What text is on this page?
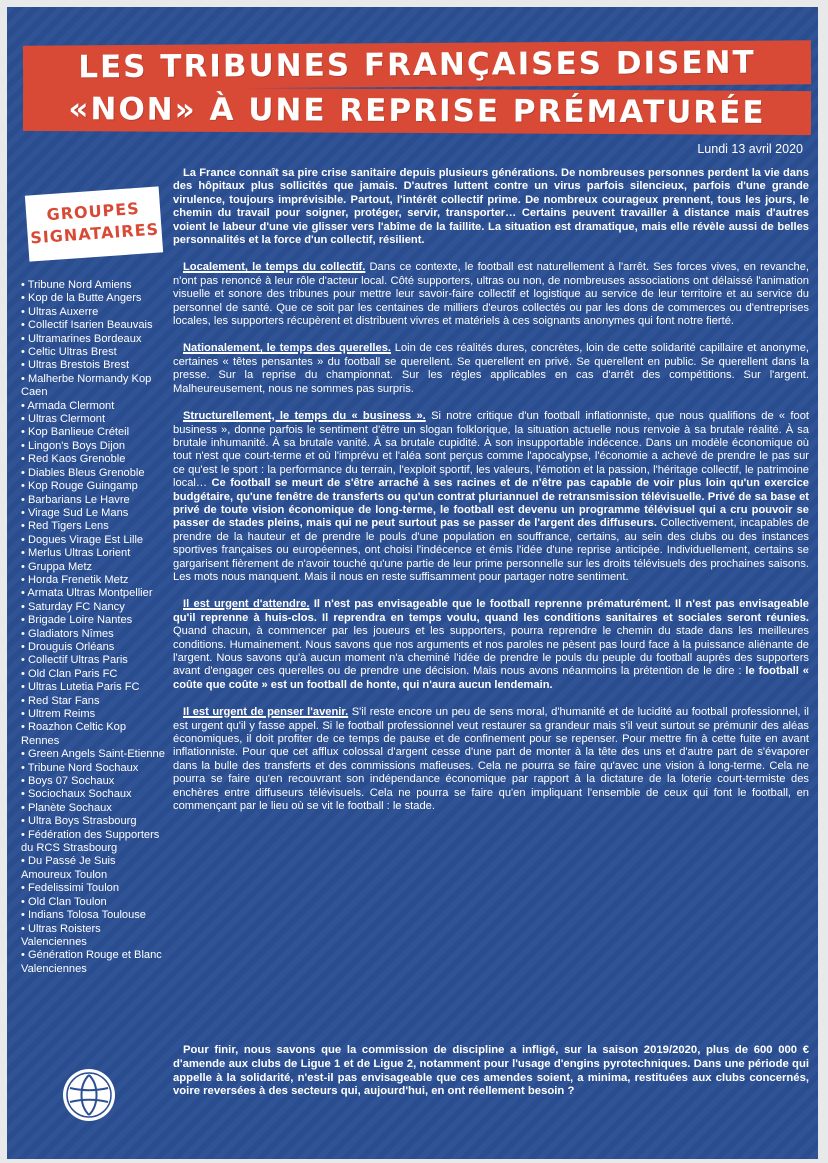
LES TRIBUNES FRANÇAISES DISENT
«NON» À UNE REPRISE PRÉMATURÉE
Lundi 13 avril 2020
GROUPES
SIGNATAIRES
• Tribune Nord Amiens
• Kop de la Butte Angers
• Ultras Auxerre
• Collectif Isarien Beauvais
• Ultramarines Bordeaux
• Celtic Ultras Brest
• Ultras Brestois Brest
• Malherbe Normandy Kop Caen
• Armada Clermont
• Ultras Clermont
• Kop Banlieue Créteil
• Lingon's Boys Dijon
• Red Kaos Grenoble
• Diables Bleus Grenoble
• Kop Rouge Guingamp
• Barbarians Le Havre
• Virage Sud Le Mans
• Red Tigers Lens
• Dogues Virage Est Lille
• Merlus Ultras Lorient
• Gruppa Metz
• Horda Frenetik Metz
• Armata Ultras Montpellier
• Saturday FC Nancy
• Brigade Loire Nantes
• Gladiators Nîmes
• Drouguis Orléans
• Collectif Ultras Paris
• Old Clan Paris FC
• Ultras Lutetia Paris FC
• Red Star Fans
• Ultrem Reims
• Roazhon Celtic Kop Rennes
• Green Angels Saint-Etienne
• Tribune Nord Sochaux
• Boys 07 Sochaux
• Sociochaux Sochaux
• Planète Sochaux
• Ultra Boys Strasbourg
• Fédération des Supporters du RCS Strasbourg
• Du Passé Je Suis Amoureux Toulon
• Fedelissimi Toulon
• Old Clan Toulon
• Indians Tolosa Toulouse
• Ultras Roisters Valenciennes
• Génération Rouge et Blanc Valenciennes

La France connaît sa pire crise sanitaire depuis plusieurs générations. De nombreuses personnes perdent la vie dans des hôpitaux plus sollicités que jamais. D'autres luttent contre un virus parfois silencieux, parfois d'une grande virulence, toujours imprévisible. Partout, l'intérêt collectif prime. De nombreux courageux prennent, tous les jours, le chemin du travail pour soigner, protéger, servir, transporter… Certains peuvent travailler à distance mais d'autres voient le labeur d'une vie glisser vers l'abîme de la faillite. La situation est dramatique, mais elle révèle aussi de belles personnalités et la force d'un collectif, résilient.

Localement, le temps du collectif. Dans ce contexte, le football est naturellement à l'arrêt. Ses forces vives, en revanche, n'ont pas renoncé à leur rôle d'acteur local. Côté supporters, ultras ou non, de nombreuses associations ont délaissé l'animation visuelle et sonore des tribunes pour mettre leur savoir-faire collectif et logistique au service de leur territoire et au service du personnel de santé. Que ce soit par les centaines de milliers d'euros collectés ou par les dons de commerces ou d'entreprises locales, les supporters récupèrent et distribuent vivres et matériels à ces soignants anonymes qui font notre fierté.

Nationalement, le temps des querelles. Loin de ces réalités dures, concrètes, loin de cette solidarité capillaire et anonyme, certaines « têtes pensantes » du football se querellent. Se querellent en privé. Se querellent en public. Se querellent dans la presse. Sur la reprise du championnat. Sur les règles applicables en cas d'arrêt des compétitions. Sur l'argent. Malheureusement, nous ne sommes pas surpris.

Structurellement, le temps du « business ». Si notre critique d'un football inflationniste, que nous qualifions de « foot business », donne parfois le sentiment d'être un slogan folklorique, la situation actuelle nous renvoie à sa brutale réalité. À sa brutale inhumanité. À sa brutale vanité. À sa brutale cupidité. À son insupportable indécence. Dans un modèle économique où tout n'est que court-terme et où l'imprévu et l'aléa sont perçus comme l'apocalypse, l'économie a achevé de prendre le pas sur ce qu'est le sport : la performance du terrain, l'exploit sportif, les valeurs, l'émotion et la passion, l'héritage collectif, le patrimoine local… Ce football se meurt de s'être arraché à ses racines et de n'être pas capable de voir plus loin qu'un exercice budgétaire, qu'une fenêtre de transferts ou qu'un contrat pluriannuel de retransmission télévisuelle. Privé de sa base et privé de toute vision économique de long-terme, le football est devenu un programme télévisuel qui a cru pouvoir se passer de stades pleins, mais qui ne peut surtout pas se passer de l'argent des diffuseurs. Collectivement, incapables de prendre de la hauteur et de prendre le pouls d'une population en souffrance, certains, au sein des clubs ou des instances sportives françaises ou européennes, ont choisi l'indécence et émis l'idée d'une reprise anticipée. Individuellement, certains se gargarisent fièrement de n'avoir touché qu'une partie de leur prime personnelle sur les droits télévisuels des prochaines saisons. Les mots nous manquent. Mais il nous en reste suffisamment pour partager notre sentiment.

Il est urgent d'attendre. Il n'est pas envisageable que le football reprenne prématurément. Il n'est pas envisageable qu'il reprenne à huis-clos. Il reprendra en temps voulu, quand les conditions sanitaires et sociales seront réunies. Quand chacun, à commencer par les joueurs et les supporters, pourra reprendre le chemin du stade dans les meilleures conditions. Humainement. Nous savons que nos arguments et nos paroles ne pèsent pas lourd face à la puissance aliénante de l'argent. Nous savons qu'à aucun moment n'a cheminé l'idée de prendre le pouls du peuple du football auprès des supporters avant d'engager ces querelles ou de prendre une décision. Mais nous avons néanmoins la prétention de le dire : le football « coûte que coûte » est un football de honte, qui n'aura aucun lendemain.

Il est urgent de penser l'avenir. S'il reste encore un peu de sens moral, d'humanité et de lucidité au football professionnel, il est urgent qu'il y fasse appel. Si le football professionnel veut restaurer sa grandeur mais s'il veut surtout se prémunir des aléas économiques, il doit profiter de ce temps de pause et de confinement pour se repenser. Pour mettre fin à cette fuite en avant inflationniste. Pour que cet afflux colossal d'argent cesse d'une part de monter à la tête des uns et d'autre part de s'évaporer dans la bulle des transferts et des commissions mafieuses. Cela ne pourra se faire qu'avec une vision à long-terme. Cela ne pourra se faire qu'en recouvrant son indépendance économique par rapport à la dictature de la loterie court-termiste des enchères entre diffuseurs télévisuels. Cela ne pourra se faire qu'en impliquant l'ensemble de ceux qui font le football, en commençant par le lieu où se vit le football : le stade.

Pour finir, nous savons que la commission de discipline a infligé, sur la saison 2019/2020, plus de 600 000 € d'amende aux clubs de Ligue 1 et de Ligue 2, notamment pour l'usage d'engins pyrotechniques. Dans une période qui appelle à la solidarité, n'est-il pas envisageable que ces amendes soient, a minima, restituées aux clubs concernés, voire reversées à des secteurs qui, aujourd'hui, en ont réellement besoin ?
